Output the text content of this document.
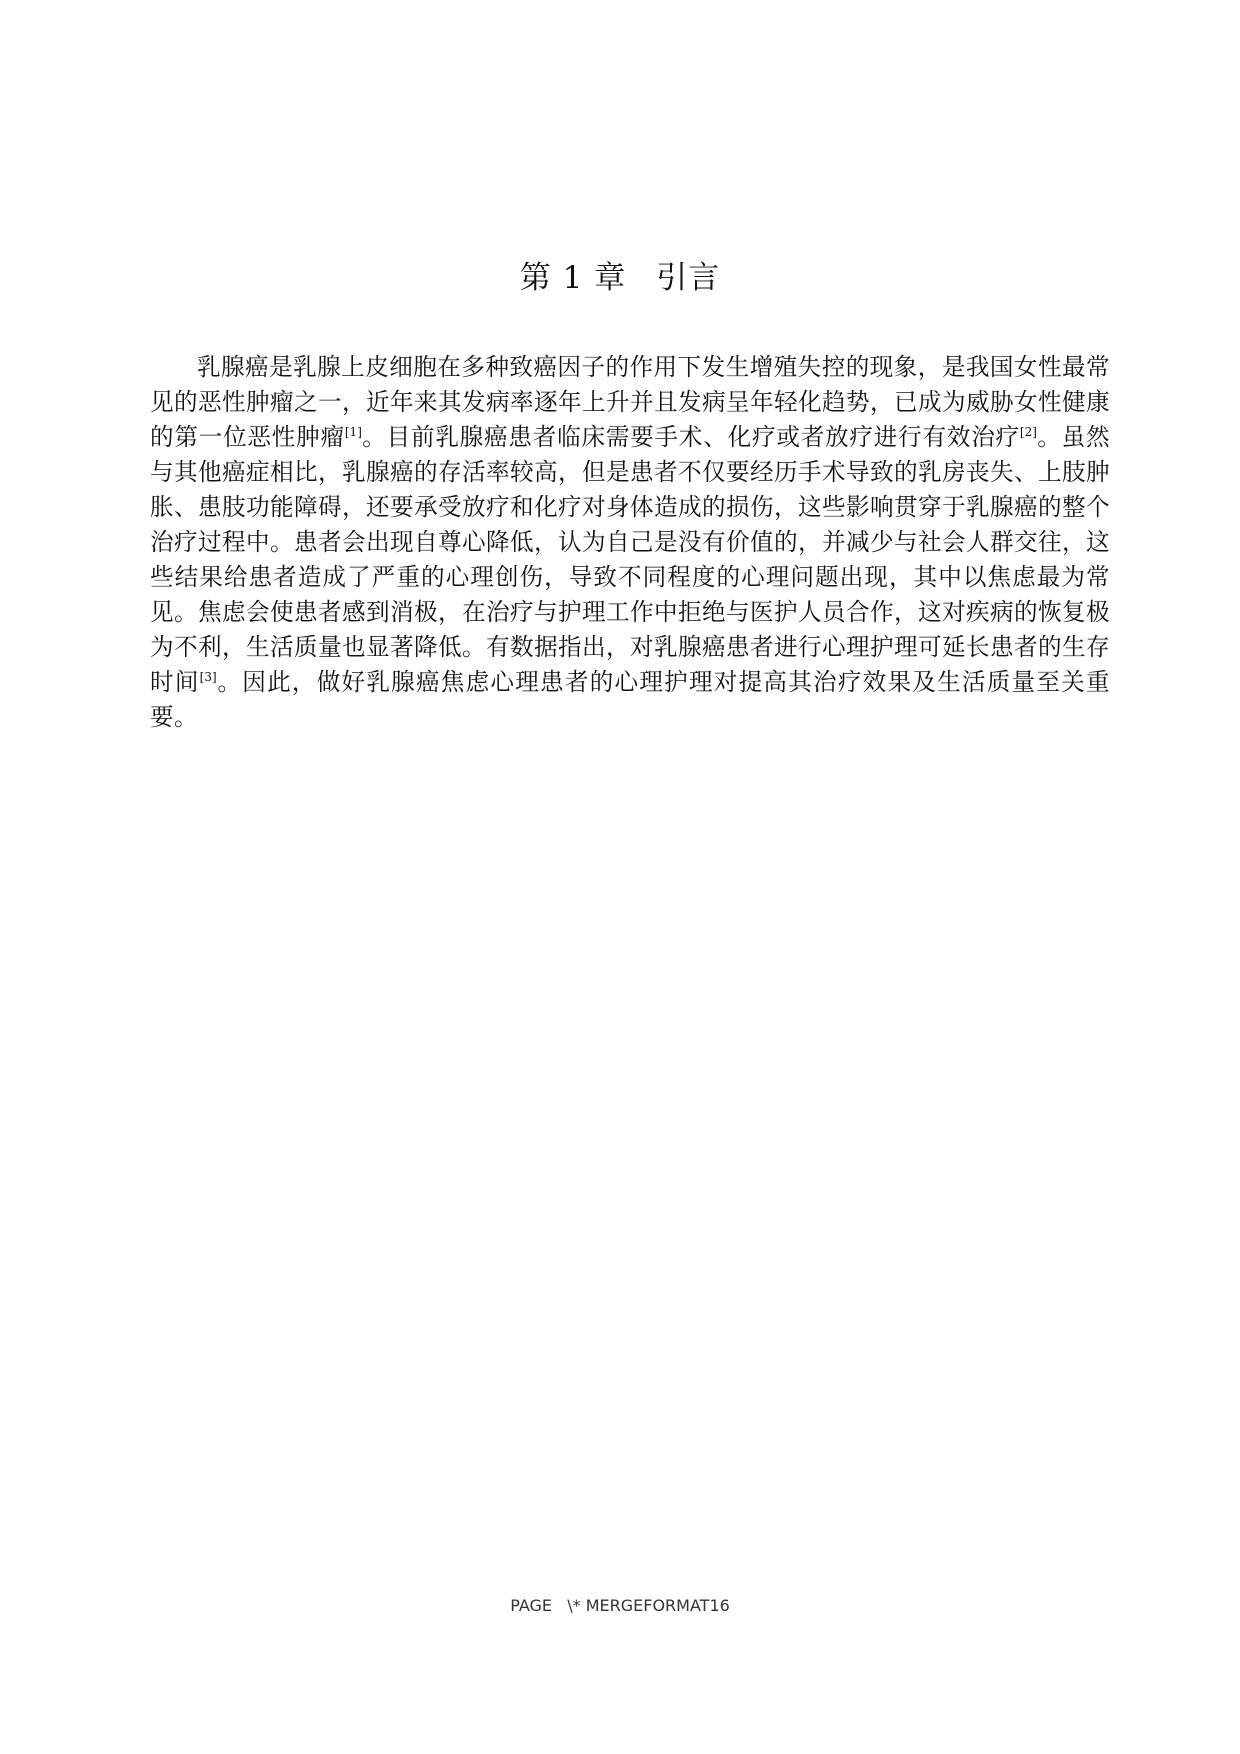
第 1 章 引言

乳腺癌是乳腺上皮细胞在多种致癌因子的作用下发生增殖失控的现象，是我国女性最常见的恶性肿瘤之一，近年来其发病率逐年上升并且发病呈年轻化趋势，已成为威胁女性健康的第一位恶性肿瘤[1]。目前乳腺癌患者临床需要手术、化疗或者放疗进行有效治疗[2]。虽然与其他癌症相比，乳腺癌的存活率较高，但是患者不仅要经历手术导致的乳房丧失、上肢肿胀、患肢功能障碍，还要承受放疗和化疗对身体造成的损伤，这些影响贯穿于乳腺癌的整个治疗过程中。患者会出现自尊心降低，认为自己是没有价值的，并减少与社会人群交往，这些结果给患者造成了严重的心理创伤，导致不同程度的心理问题出现，其中以焦虑最为常见。焦虑会使患者感到消极，在治疗与护理工作中拒绝与医护人员合作，这对疾病的恢复极为不利，生活质量也显著降低。有数据指出，对乳腺癌患者进行心理护理可延长患者的生存时间[3]。因此，做好乳腺癌焦虑心理患者的心理护理对提高其治疗效果及生活质量至关重要。

PAGE   \* MERGEFORMAT16
